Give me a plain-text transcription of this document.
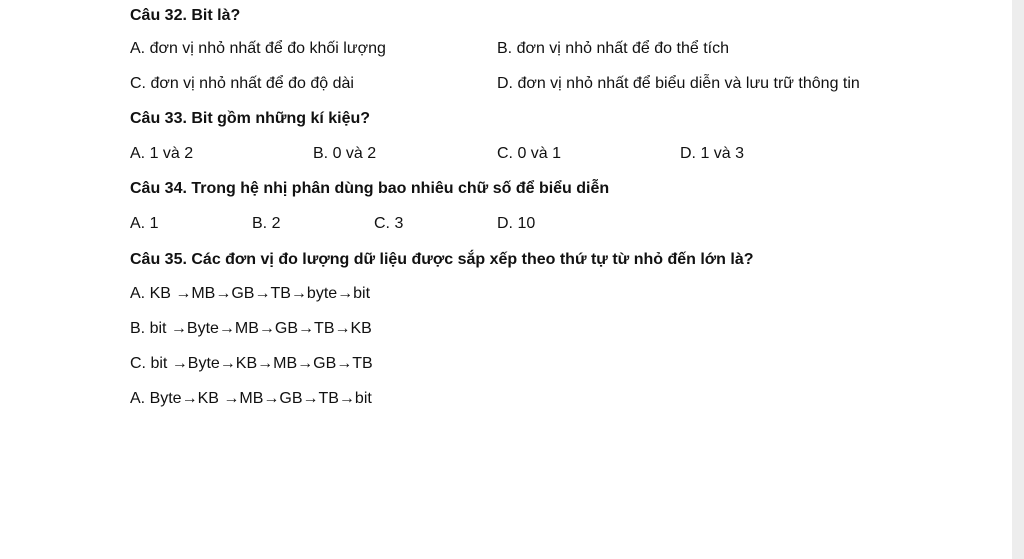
Câu 32. Bit là?
A. đơn vị nhỏ nhất để đo khối lượng	B. đơn vị nhỏ nhất để đo thể tích
C. đơn vị nhỏ nhất để đo độ dài	D. đơn vị nhỏ nhất để biểu diễn và lưu trữ thông tin
Câu 33. Bit gồm những kí kiệu?
A. 1 và 2	B. 0 và 2	C. 0 và 1	D. 1 và 3
Câu 34. Trong hệ nhị phân dùng bao nhiêu chữ số để biểu diễn
A. 1	B. 2	C. 3	D. 10
Câu 35. Các đơn vị đo lượng dữ liệu được sắp xếp theo thứ tự từ nhỏ đến lớn là?
A. KB →MB→GB→TB→byte→bit
B. bit →Byte→MB→GB→TB→KB
C. bit →Byte→KB→MB→GB→TB
A. Byte→KB →MB→GB→TB→bit
